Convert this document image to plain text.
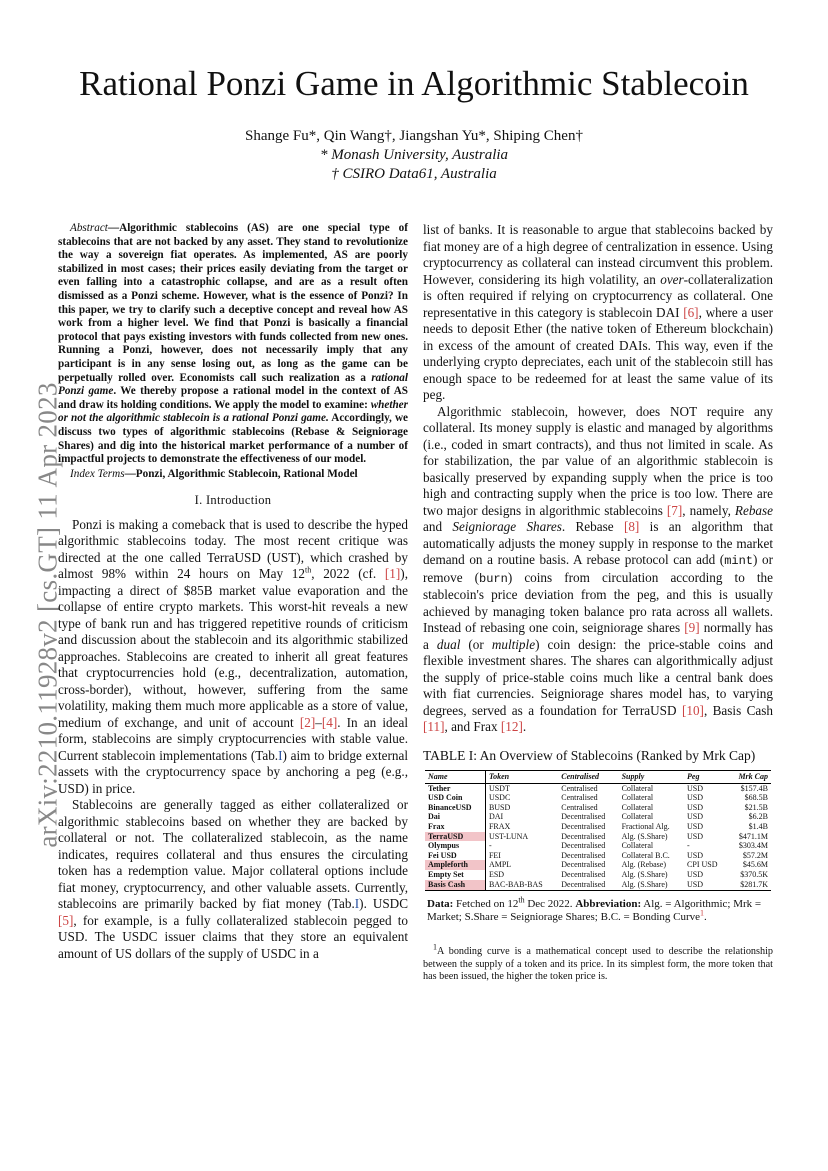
arXiv:2210.11928v2 [cs.GT] 11 Apr 2023
Rational Ponzi Game in Algorithmic Stablecoin
Shange Fu*, Qin Wang†, Jiangshan Yu*, Shiping Chen†
* Monash University, Australia
† CSIRO Data61, Australia

Abstract—Algorithmic stablecoins (AS) are one special type of stablecoins that are not backed by any asset. They stand to revolutionize the way a sovereign fiat operates. As implemented, AS are poorly stabilized in most cases; their prices easily deviating from the target or even falling into a catastrophic collapse, and are as a result often dismissed as a Ponzi scheme. However, what is the essence of Ponzi? In this paper, we try to clarify such a deceptive concept and reveal how AS work from a higher level. We find that Ponzi is basically a financial protocol that pays existing investors with funds collected from new ones. Running a Ponzi, however, does not necessarily imply that any participant is in any sense losing out, as long as the game can be perpetually rolled over. Economists call such realization as a rational Ponzi game. We thereby propose a rational model in the context of AS and draw its holding conditions. We apply the model to examine: whether or not the algorithmic stablecoin is a rational Ponzi game. Accordingly, we discuss two types of algorithmic stablecoins (Rebase & Seigniorage Shares) and dig into the historical market performance of a number of impactful projects to demonstrate the effectiveness of our model.

Index Terms—Ponzi, Algorithmic Stablecoin, Rational Model

I. Introduction

Ponzi is making a comeback that is used to describe the hyped algorithmic stablecoins today. The most recent critique was directed at the one called TerraUSD (UST), which crashed by almost 98% within 24 hours on May 12th, 2022 (cf. [1]), impacting a direct of $85B market value evaporation and the collapse of entire crypto markets. This worst-hit reveals a new type of bank run and has triggered repetitive rounds of criticism and discussion about the stablecoin and its algorithmic stabilized approaches. Stablecoins are created to inherit all great features that cryptocurrencies hold (e.g., decentralization, automation, cross-border), without, however, suffering from the same volatility, making them much more applicable as a store of value, medium of exchange, and unit of account [2]–[4]. In an ideal form, stablecoins are simply cryptocurrencies with stable value. Current stablecoin implementations (Tab.I) aim to bridge external assets with the cryptocurrency space by anchoring a peg (e.g., USD) in price.

Stablecoins are generally tagged as either collateralized or algorithmic stablecoins based on whether they are backed by collateral or not. The collateralized stablecoin, as the name indicates, requires collateral and thus ensures the circulating token has a redemption value. Major collateral options include fiat money, cryptocurrency, and other valuable assets. Currently, stablecoins are primarily backed by fiat money (Tab.I). USDC [5], for example, is a fully collateralized stablecoin pegged to USD. The USDC issuer claims that they store an equivalent amount of US dollars of the supply of USDC in a

list of banks. It is reasonable to argue that stablecoins backed by fiat money are of a high degree of centralization in essence. Using cryptocurrency as collateral can instead circumvent this problem. However, considering its high volatility, an over-collateralization is often required if relying on cryptocurrency as collateral. One representative in this category is stablecoin DAI [6], where a user needs to deposit Ether (the native token of Ethereum blockchain) in excess of the amount of created DAIs. This way, even if the underlying crypto depreciates, each unit of the stablecoin still has enough space to be redeemed for at least the same value of its peg.

Algorithmic stablecoin, however, does NOT require any collateral. Its money supply is elastic and managed by algorithms (i.e., coded in smart contracts), and thus not limited in scale. As for stabilization, the par value of an algorithmic stablecoin is basically preserved by expanding supply when the price is too high and contracting supply when the price is too low. There are two major designs in algorithmic stablecoins [7], namely, Rebase and Seigniorage Shares. Rebase [8] is an algorithm that automatically adjusts the money supply in response to the market demand on a routine basis. A rebase protocol can add (mint) or remove (burn) coins from circulation according to the stablecoin's price deviation from the peg, and this is usually achieved by managing token balance pro rata across all wallets. Instead of rebasing one coin, seigniorage shares [9] normally has a dual (or multiple) coin design: the price-stable coins and flexible investment shares. The shares can algorithmically adjust the supply of price-stable coins much like a central bank does with fiat currencies. Seigniorage shares model has, to varying degrees, served as a foundation for TerraUSD [10], Basis Cash [11], and Frax [12].

TABLE I: An Overview of Stablecoins (Ranked by Mrk Cap)
Name	Token	Centralised	Supply	Peg	Mrk Cap
Tether	USDT	Centralised	Collateral	USD	$157.4B
USD Coin	USDC	Centralised	Collateral	USD	$68.5B
BinanceUSD	BUSD	Centralised	Collateral	USD	$21.5B
Dai	DAI	Decentralised	Collateral	USD	$6.2B
Frax	FRAX	Decentralised	Fractional Alg.	USD	$1.4B
TerraUSD	UST-LUNA	Decentralised	Alg. (S.Share)	USD	$471.1M
Olympus	-	Decentralised	Collateral	-	$303.4M
Fei USD	FEI	Decentralised	Collateral B.C.	USD	$57.2M
Ampleforth	AMPL	Decentralised	Alg. (Rebase)	CPI USD	$45.6M
Empty Set	ESD	Decentralised	Alg. (S.Share)	USD	$370.5K
Basis Cash	BAC-BAB-BAS	Decentralised	Alg. (S.Share)	USD	$281.7K
Data: Fetched on 12th Dec 2022. Abbreviation: Alg. = Algorithmic; Mrk = Market; S.Share = Seigniorage Shares; B.C. = Bonding Curve$^1$.

$^1$A bonding curve is a mathematical concept used to describe the relationship between the supply of a token and its price. In its simplest form, the more token that has been issued, the higher the token price is.
